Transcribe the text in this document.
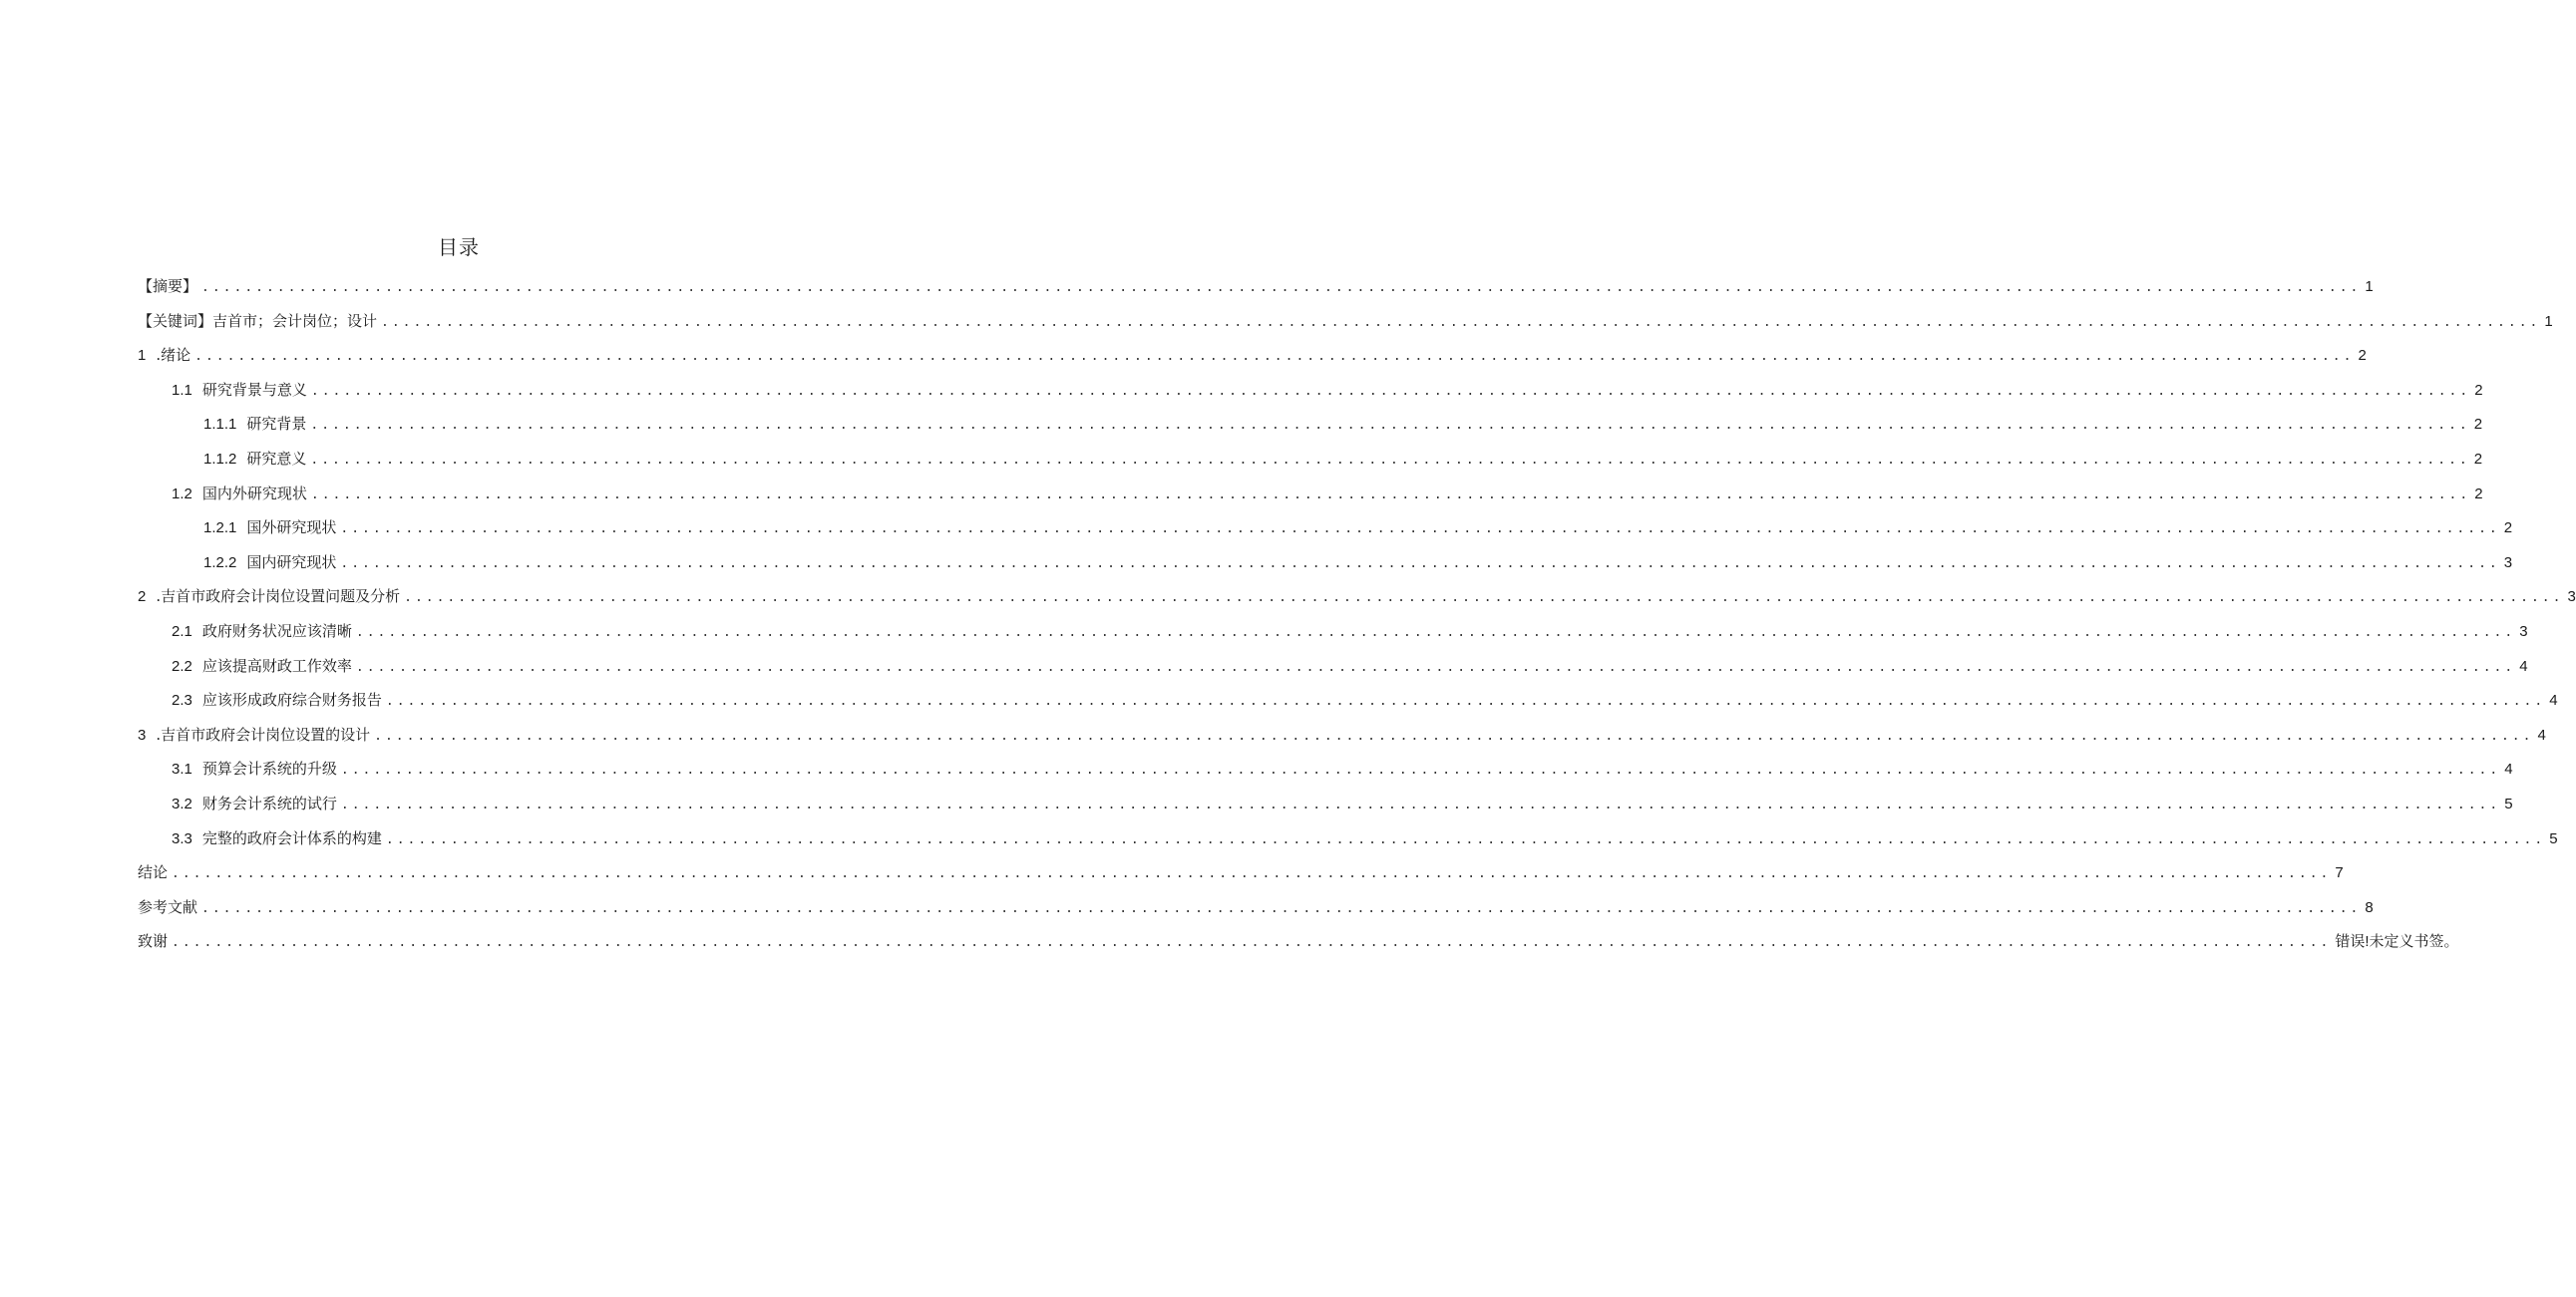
目录
【摘要】 ........................................................................................................................................................................................................ 1
【关键词】吉首市；会计岗位；设计 ........................................................................................................................................................................................................ 1
1 .绪论 ........................................................................................................................................................................................................ 2
1.1 研究背景与意义 ........................................................................................................................................................................................................ 2
1.1.1 研究背景 ........................................................................................................................................................................................................ 2
1.1.2 研究意义 ........................................................................................................................................................................................................ 2
1.2 国内外研究现状 ........................................................................................................................................................................................................ 2
1.2.1 国外研究现状 ........................................................................................................................................................................................................ 2
1.2.2 国内研究现状 ........................................................................................................................................................................................................ 3
2 .吉首市政府会计岗位设置问题及分析 ........................................................................................................................................................................................................ 3
2.1 政府财务状况应该清晰 ........................................................................................................................................................................................................ 3
2.2 应该提高财政工作效率 ........................................................................................................................................................................................................ 4
2.3 应该形成政府综合财务报告 ........................................................................................................................................................................................................ 4
3 .吉首市政府会计岗位设置的设计 ........................................................................................................................................................................................................ 4
3.1 预算会计系统的升级 ........................................................................................................................................................................................................ 4
3.2 财务会计系统的试行 ........................................................................................................................................................................................................ 5
3.3 完整的政府会计体系的构建 ........................................................................................................................................................................................................ 5
结论 ........................................................................................................................................................................................................ 7
参考文献 ........................................................................................................................................................................................................ 8
致谢 ........................................................................................................................................................................................................ 错误!未定义书签。
